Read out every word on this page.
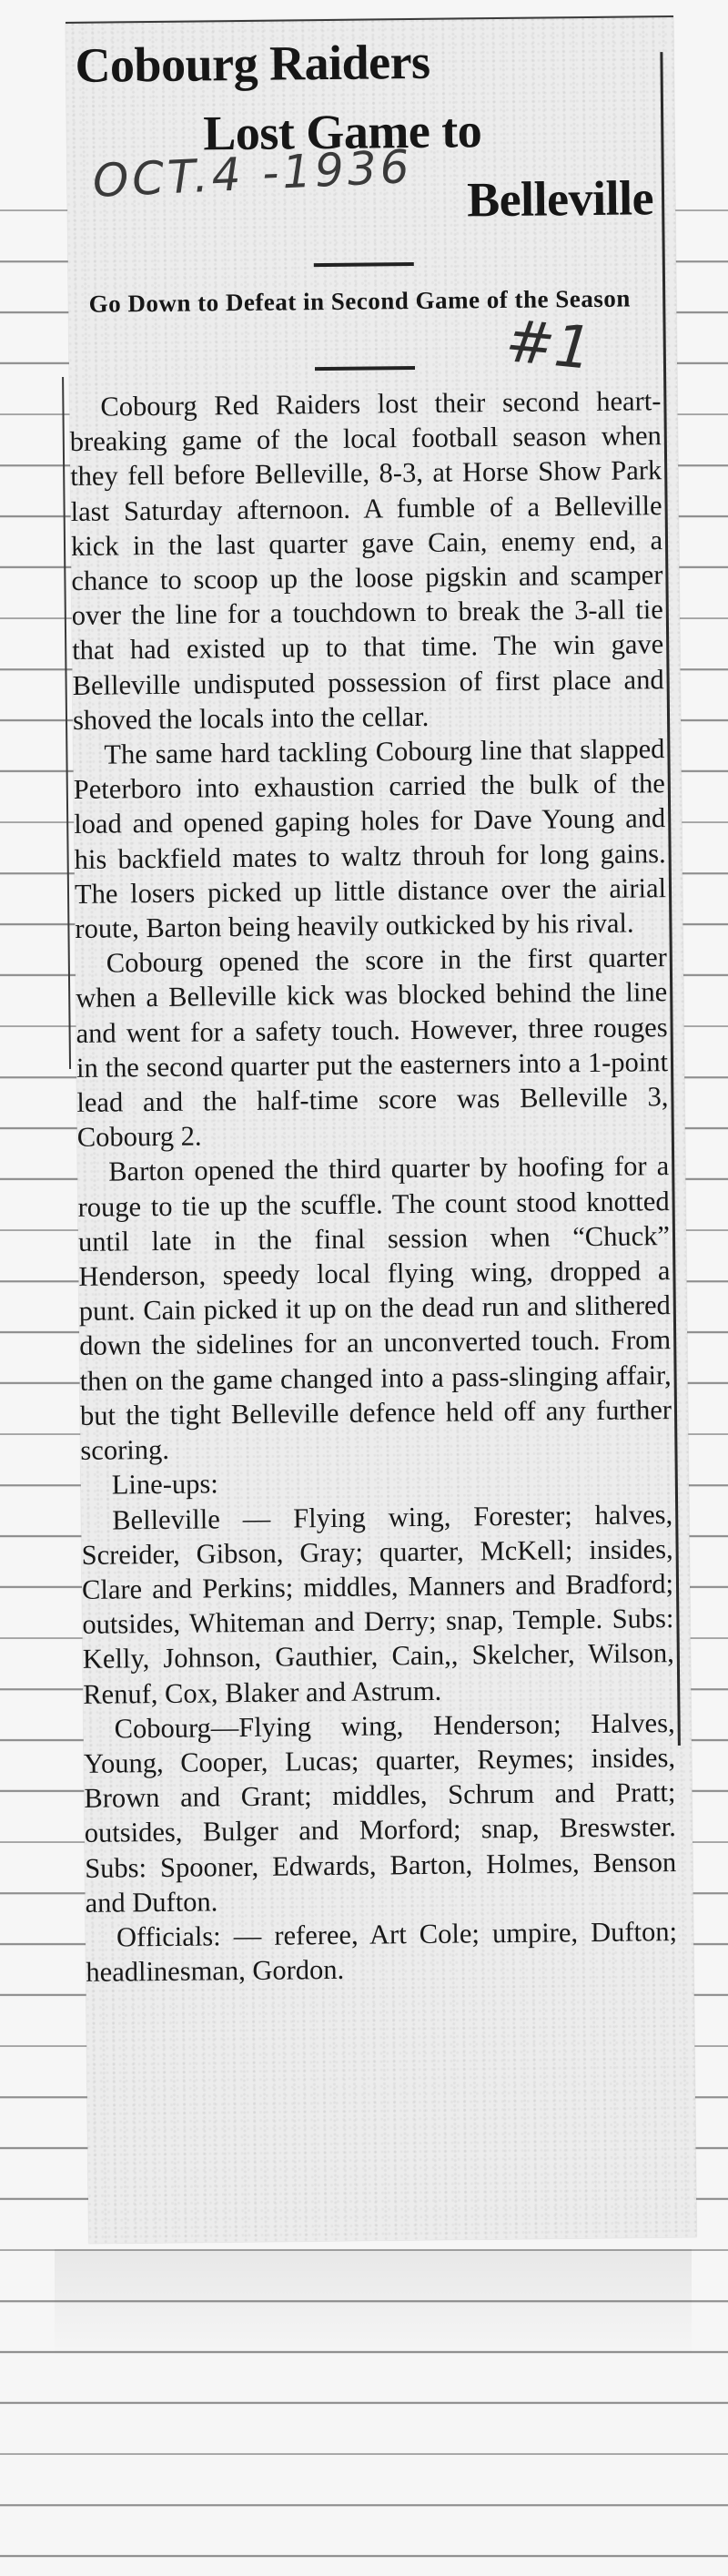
Cobourg Raiders
Lost Game to
Belleville
OCT.4 -1936
Go Down to Defeat in Second Game of the Season
#1

Cobourg Red Raiders lost their second heart-breaking game of the local football season when they fell before Belleville, 8-3, at Horse Show Park last Saturday afternoon. A fumble of a Belleville kick in the last quarter gave Cain, enemy end, a chance to scoop up the loose pigskin and scamper over the line for a touchdown to break the 3-all tie that had existed up to that time. The win gave Belleville undisputed possession of first place and shoved the locals into the cellar.

The same hard tackling Cobourg line that slapped Peterboro into exhaustion carried the bulk of the load and opened gaping holes for Dave Young and his backfield mates to waltz throuh for long gains. The losers picked up little distance over the airial route, Barton being heavily outkicked by his rival.

Cobourg opened the score in the first quarter when a Belleville kick was blocked behind the line and went for a safety touch. However, three rouges in the second quarter put the easterners into a 1-point lead and the half-time score was Belleville 3, Cobourg 2.

Barton opened the third quarter by hoofing for a rouge to tie up the scuffle. The count stood knotted until late in the final session when “Chuck” Henderson, speedy local flying wing, dropped a punt. Cain picked it up on the dead run and slithered down the sidelines for an unconverted touch. From then on the game changed into a pass-slinging affair, but the tight Belleville defence held off any further scoring.

Line-ups:

Belleville — Flying wing, Forester; halves, Screider, Gibson, Gray; quarter, McKell; insides, Clare and Perkins; middles, Manners and Bradford; outsides, Whiteman and Derry; snap, Temple. Subs: Kelly, Johnson, Gauthier, Cain,, Skelcher, Wilson, Renuf, Cox, Blaker and Astrum.

Cobourg—Flying wing, Henderson; Halves, Young, Cooper, Lucas; quarter, Reymes; insides, Brown and Grant; middles, Schrum and Pratt; outsides, Bulger and Morford; snap, Breswster. Subs: Spooner, Edwards, Barton, Holmes, Benson and Dufton.

Officials: — referee, Art Cole; umpire, Dufton; headlinesman, Gordon.
